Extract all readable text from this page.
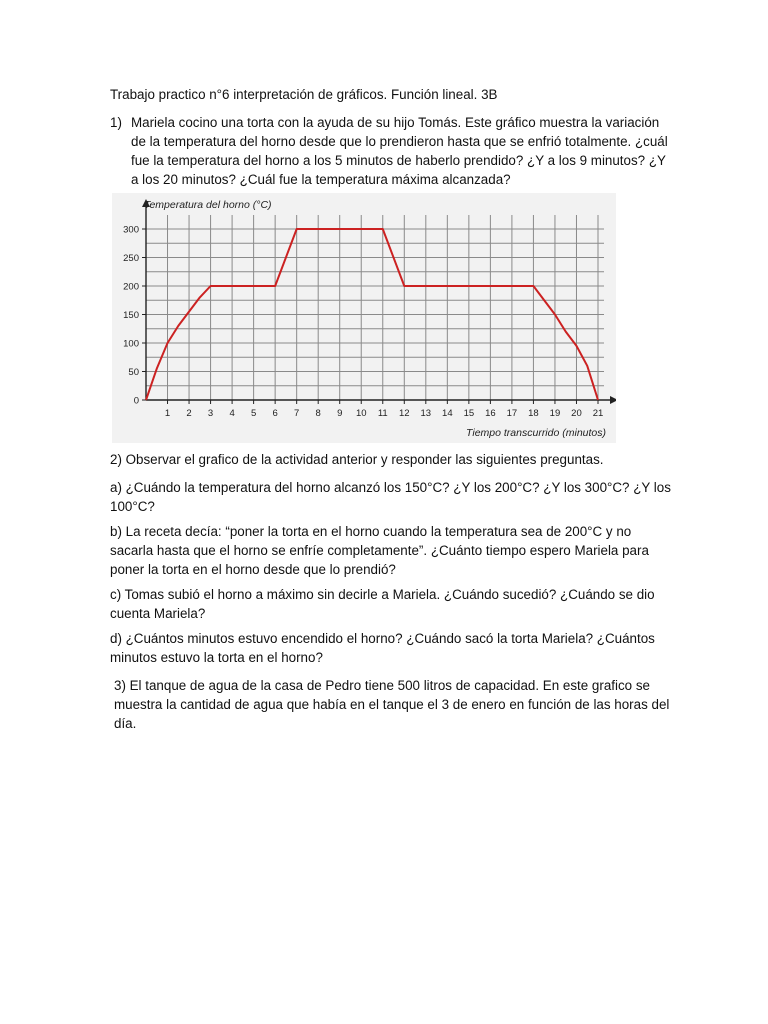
Trabajo practico n°6 interpretación de gráficos. Función lineal. 3B
1) Mariela cocino una torta con la ayuda de su hijo Tomás. Este gráfico muestra la variación de la temperatura del horno desde que lo prendieron hasta que se enfrió totalmente. ¿cuál fue la temperatura del horno a los 5 minutos de haberlo prendido? ¿Y a los 9 minutos? ¿Y a los 20 minutos? ¿Cuál fue la temperatura máxima alcanzada?
0
50
100
150
200
250
300
1 2 3 4 5 6 7 8 9 10 11 12 13 14 15 16 17 18 19 20 21
Temperatura del horno (°C)
Tiempo transcurrido (minutos)
2) Observar el grafico de la actividad anterior y responder las siguientes preguntas.
a) ¿Cuándo la temperatura del horno alcanzó los 150°C? ¿Y los 200°C? ¿Y los 300°C? ¿Y los 100°C?
b) La receta decía: “poner la torta en el horno cuando la temperatura sea de 200°C y no sacarla hasta que el horno se enfríe completamente”. ¿Cuánto tiempo espero Mariela para poner la torta en el horno desde que lo prendió?
c) Tomas subió el horno a máximo sin decirle a Mariela. ¿Cuándo sucedió? ¿Cuándo se dio cuenta Mariela?
d) ¿Cuántos minutos estuvo encendido el horno? ¿Cuándo sacó la torta Mariela? ¿Cuántos minutos estuvo la torta en el horno?
3) El tanque de agua de la casa de Pedro tiene 500 litros de capacidad. En este grafico se muestra la cantidad de agua que había en el tanque el 3 de enero en función de las horas del día.
